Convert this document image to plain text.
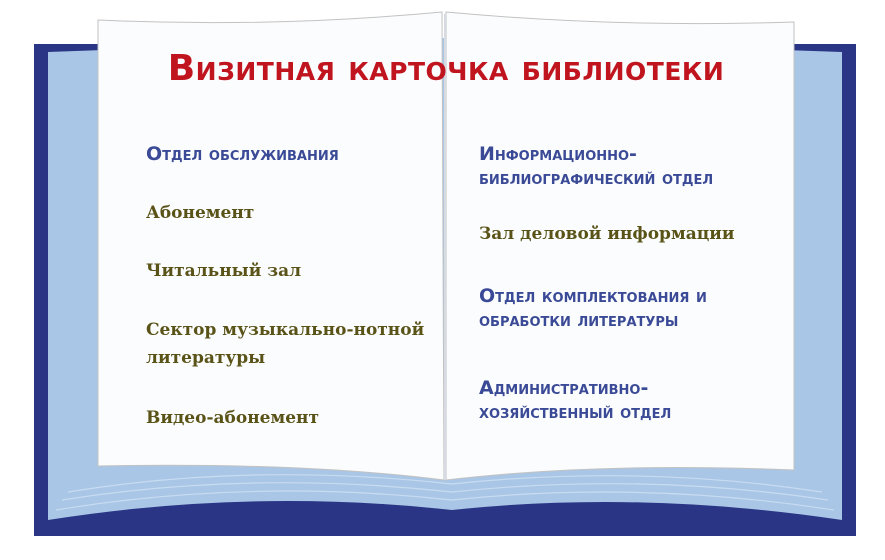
Визитная карточка библиотеки
Отдел обслуживания
Абонемент
Читальный зал
Сектор музыкально-нотной
литературы
Видео-абонемент
Информационно-
библиографический отдел
Зал деловой информации
Отдел комплектования и
обработки литературы
Административно-
хозяйственный отдел
